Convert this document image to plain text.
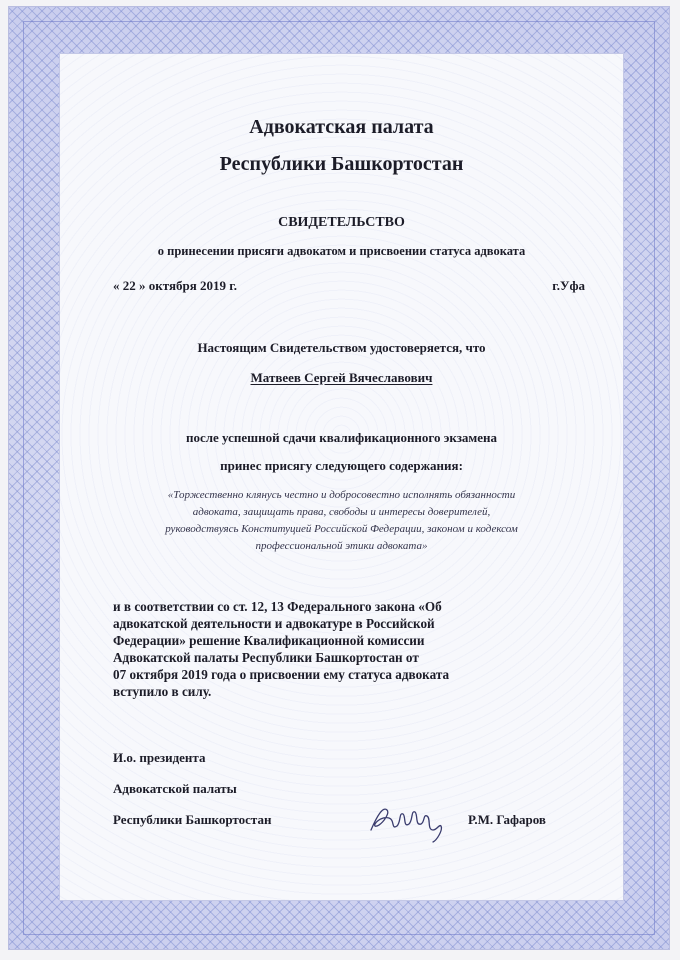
Адвокатская палата
Республики Башкортостан
СВИДЕТЕЛЬСТВО
о принесении присяги адвокатом и присвоении статуса адвоката
« 22 » октября 2019 г.	г.Уфа
Настоящим Свидетельством удостоверяется, что
Матвеев Сергей Вячеславович
после успешной сдачи квалификационного экзамена
принес присягу следующего содержания:
«Торжественно клянусь честно и добросовестно исполнять обязанности
адвоката, защищать права, свободы и интересы доверителей,
руководствуясь Конституцией Российской Федерации, законом и кодексом
профессиональной этики адвоката»
и в соответствии со ст. 12, 13 Федерального закона «Об
адвокатской деятельности и адвокатуре в Российской
Федерации» решение Квалификационной комиссии
Адвокатской палаты Республики Башкортостан от
07 октября 2019 года о присвоении ему статуса адвоката
вступило в силу.
И.о. президента
Адвокатской палаты
Республики Башкортостан	Р.М. Гафаров
